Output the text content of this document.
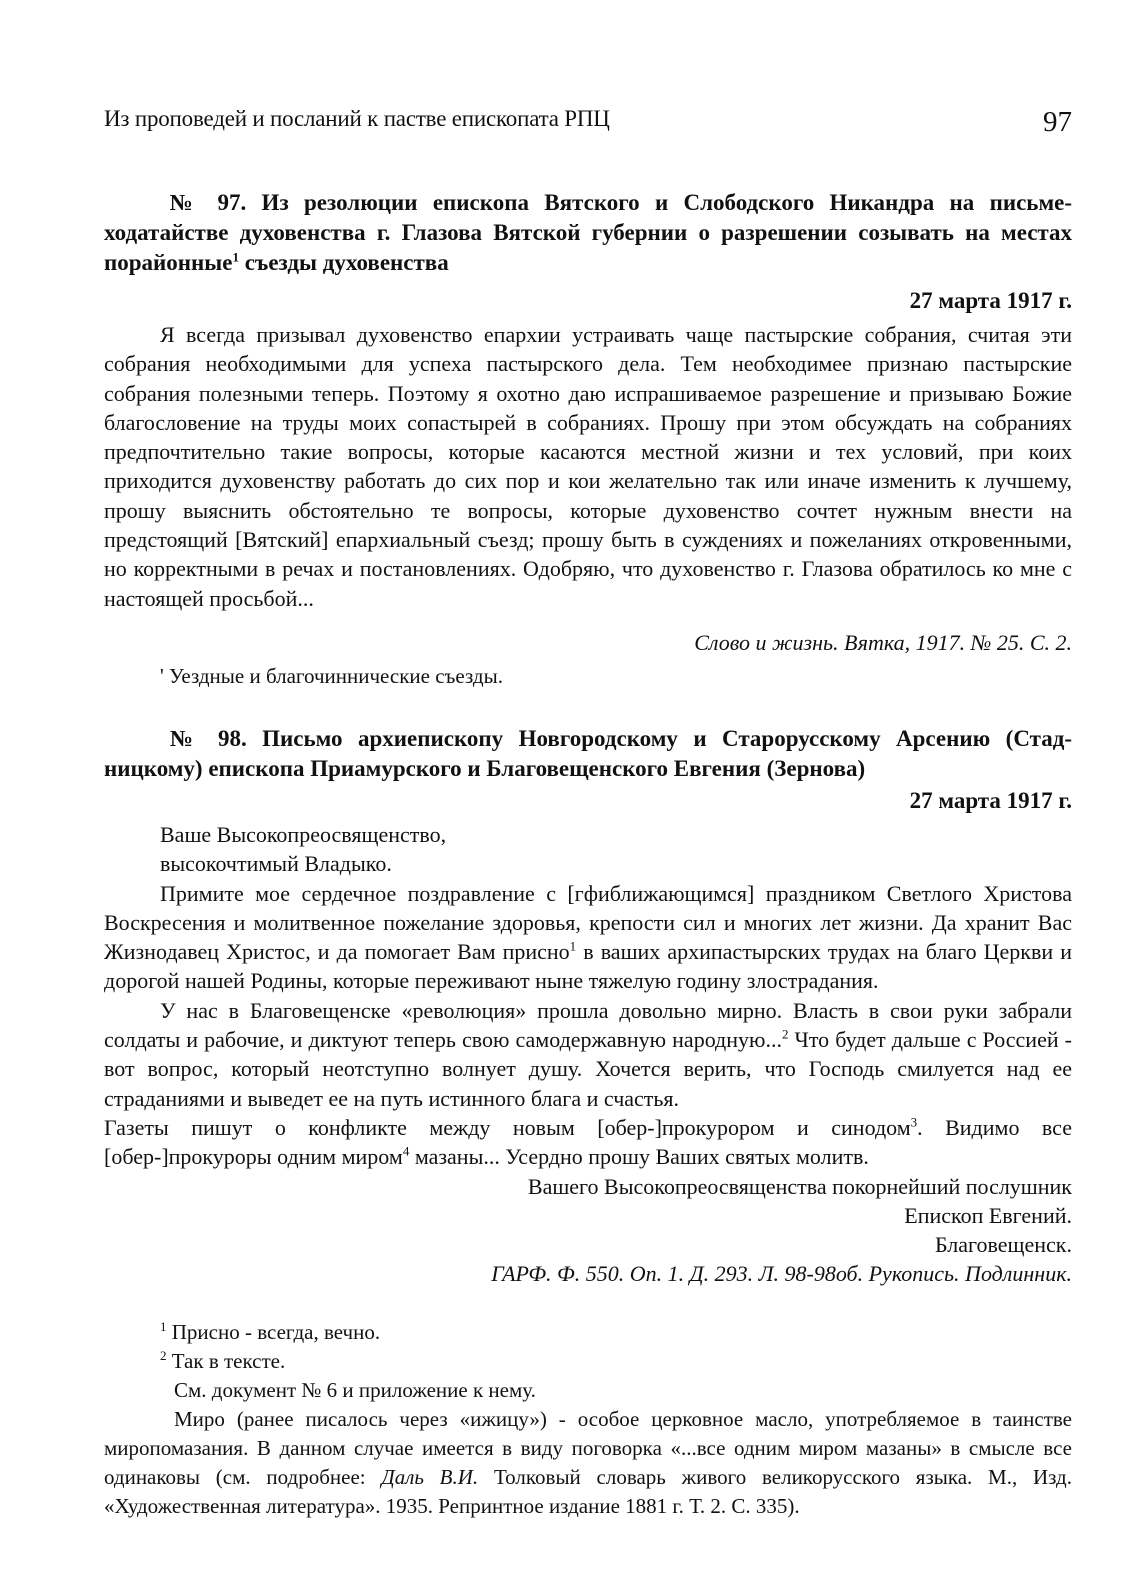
Из проповедей и посланий к пастве епископата РПЦ	97
№ 97. Из резолюции епископа Вятского и Слободского Никандра на письме-ходатайстве духовенства г. Глазова Вятской губернии о разрешении созывать на местах порайонные$^1$ съезды духовенства
27 марта 1917 г.

Я всегда призывал духовенство епархии устраивать чаще пастырские собрания, считая эти собрания необходимыми для успеха пастырского дела. Тем необходимее признаю пастырские собрания полезными теперь. Поэтому я охотно даю испрашиваемое разрешение и призываю Божие благословение на труды моих сопастырей в собраниях. Прошу при этом обсуждать на собраниях предпочтительно такие вопросы, которые касаются местной жизни и тех условий, при коих приходится духовенству работать до сих пор и кои желательно так или иначе изменить к лучшему, прошу выяснить обстоятельно те вопросы, которые духовенство сочтет нужным внести на предстоящий [Вятский] епархиальный съезд; прошу быть в суждениях и пожеланиях откровенными, но корректными в речах и постановлениях. Одобряю, что духовенство г. Глазова обратилось ко мне с настоящей просьбой...

Слово и жизнь. Вятка, 1917. № 25. С. 2.

' Уездные и благочиннические съезды.

№ 98. Письмо архиепископу Новгородскому и Старорусскому Арсению (Стад-ницкому) епископа Приамурского и Благовещенского Евгения (Зернова)
27 марта 1917 г.

Ваше Высокопреосвященство,

высокочтимый Владыко.

Примите мое сердечное поздравление с [гфиближающимся] праздником Светлого Христова Воскресения и молитвенное пожелание здоровья, крепости сил и многих лет жизни. Да хранит Вас Жизнодавец Христос, и да помогает Вам присно$^1$ в ваших архипастырских трудах на благо Церкви и дорогой нашей Родины, которые переживают ныне тяжелую годину злострадания.

У нас в Благовещенске «революция» прошла довольно мирно. Власть в свои руки забрали солдаты и рабочие, и диктуют теперь свою самодержавную народную...$^2$ Что будет дальше с Россией - вот вопрос, который неотступно волнует душу. Хочется верить, что Господь смилуется над ее страданиями и выведет ее на путь истинного блага и счастья.

Газеты пишут о конфликте между новым [обер-]прокурором и синодом$^3$. Видимо все [обер-]прокуроры одним миром$^4$ мазаны... Усердно прошу Ваших святых молитв.

Вашего Высокопреосвященства покорнейший послушник

Епископ Евгений.

Благовещенск.

ГАРФ. Ф. 550. Оп. 1. Д. 293. Л. 98-98об. Рукопись. Подлинник.

$^1$ Присно - всегда, вечно.

$^2$ Так в тексте.

См. документ № 6 и приложение к нему.

Миро (ранее писалось через «ижицу») - особое церковное масло, употребляемое в таинстве миропомазания. В данном случае имеется в виду поговорка «...все одним миром мазаны» в смысле все одинаковы (см. подробнее: Даль В.И. Толковый словарь живого великорусского языка. М., Изд. «Художественная литература». 1935. Репринтное издание 1881 г. Т. 2. С. 335).
